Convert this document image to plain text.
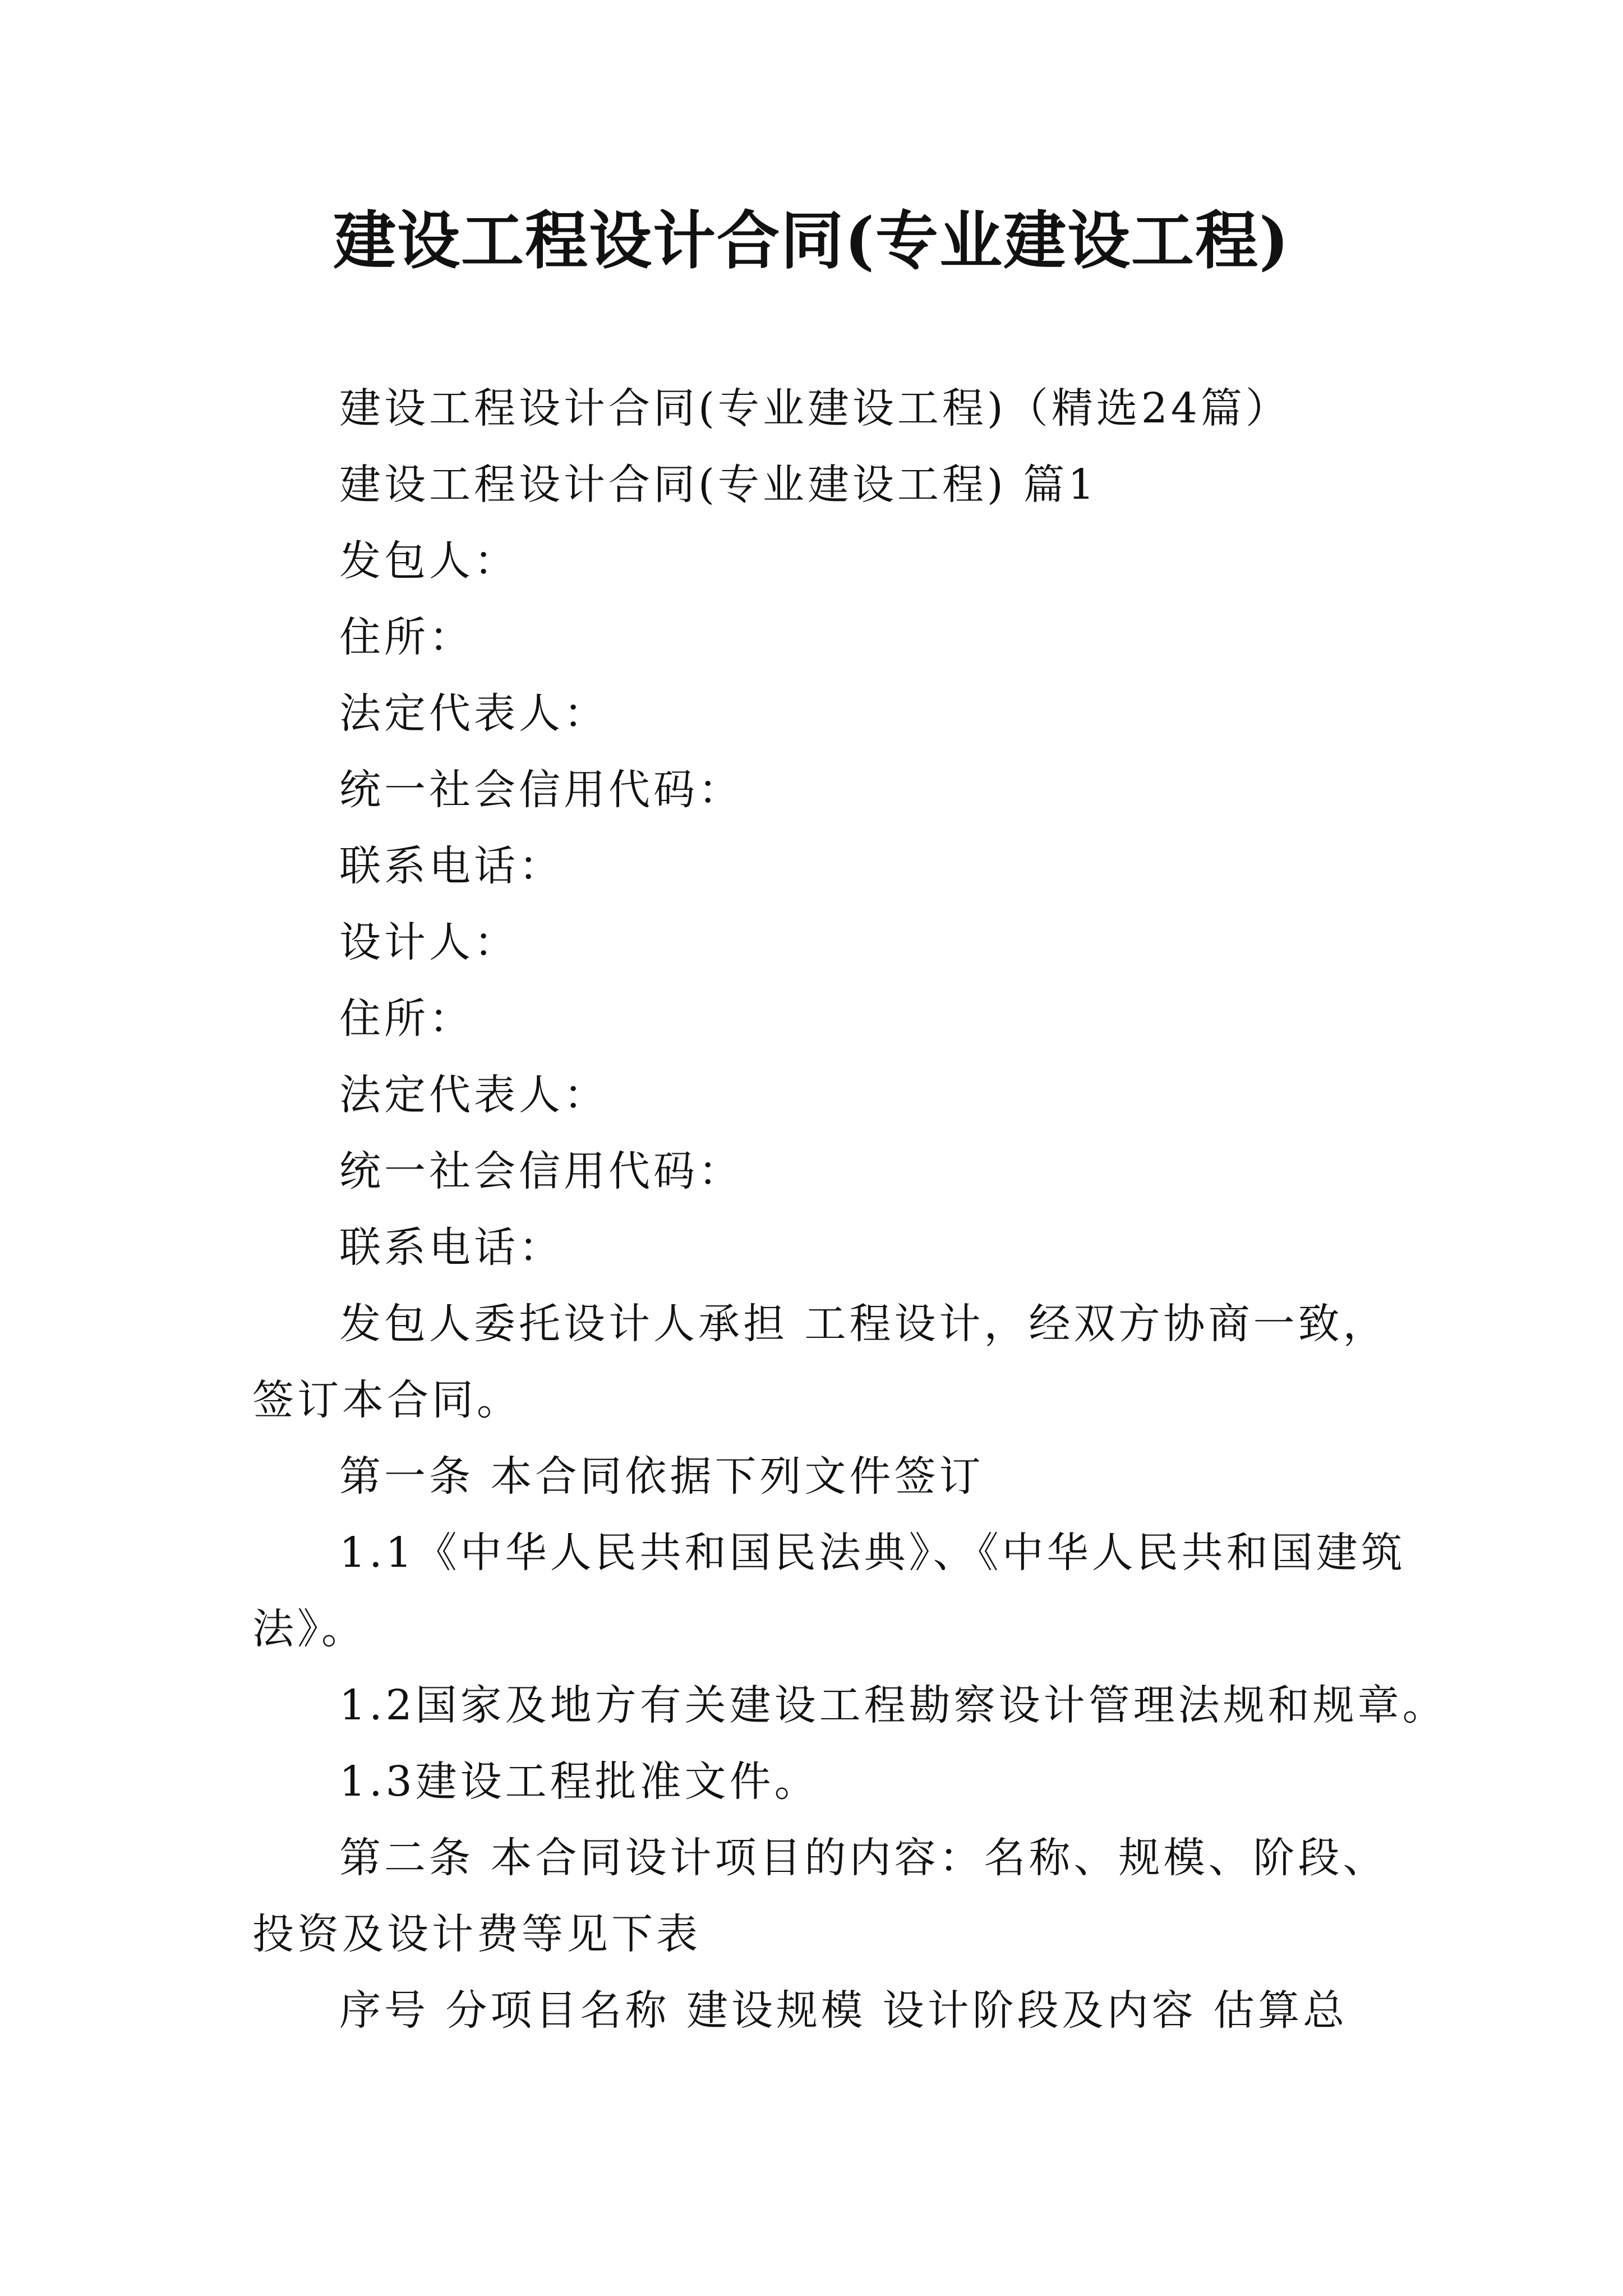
建设工程设计合同(专业建设工程)
建设工程设计合同(专业建设工程)（精选24篇）
建设工程设计合同(专业建设工程) 篇1
发包人：
住所：
法定代表人：
统一社会信用代码：
联系电话：
设计人：
住所：
法定代表人：
统一社会信用代码：
联系电话：
发包人委托设计人承担 工程设计，经双方协商一致，
签订本合同。
第一条 本合同依据下列文件签订
1.1《中华人民共和国民法典》、《中华人民共和国建筑
法》。
1.2国家及地方有关建设工程勘察设计管理法规和规章。
1.3建设工程批准文件。
第二条 本合同设计项目的内容：名称、规模、阶段、
投资及设计费等见下表
序号 分项目名称 建设规模 设计阶段及内容 估算总
